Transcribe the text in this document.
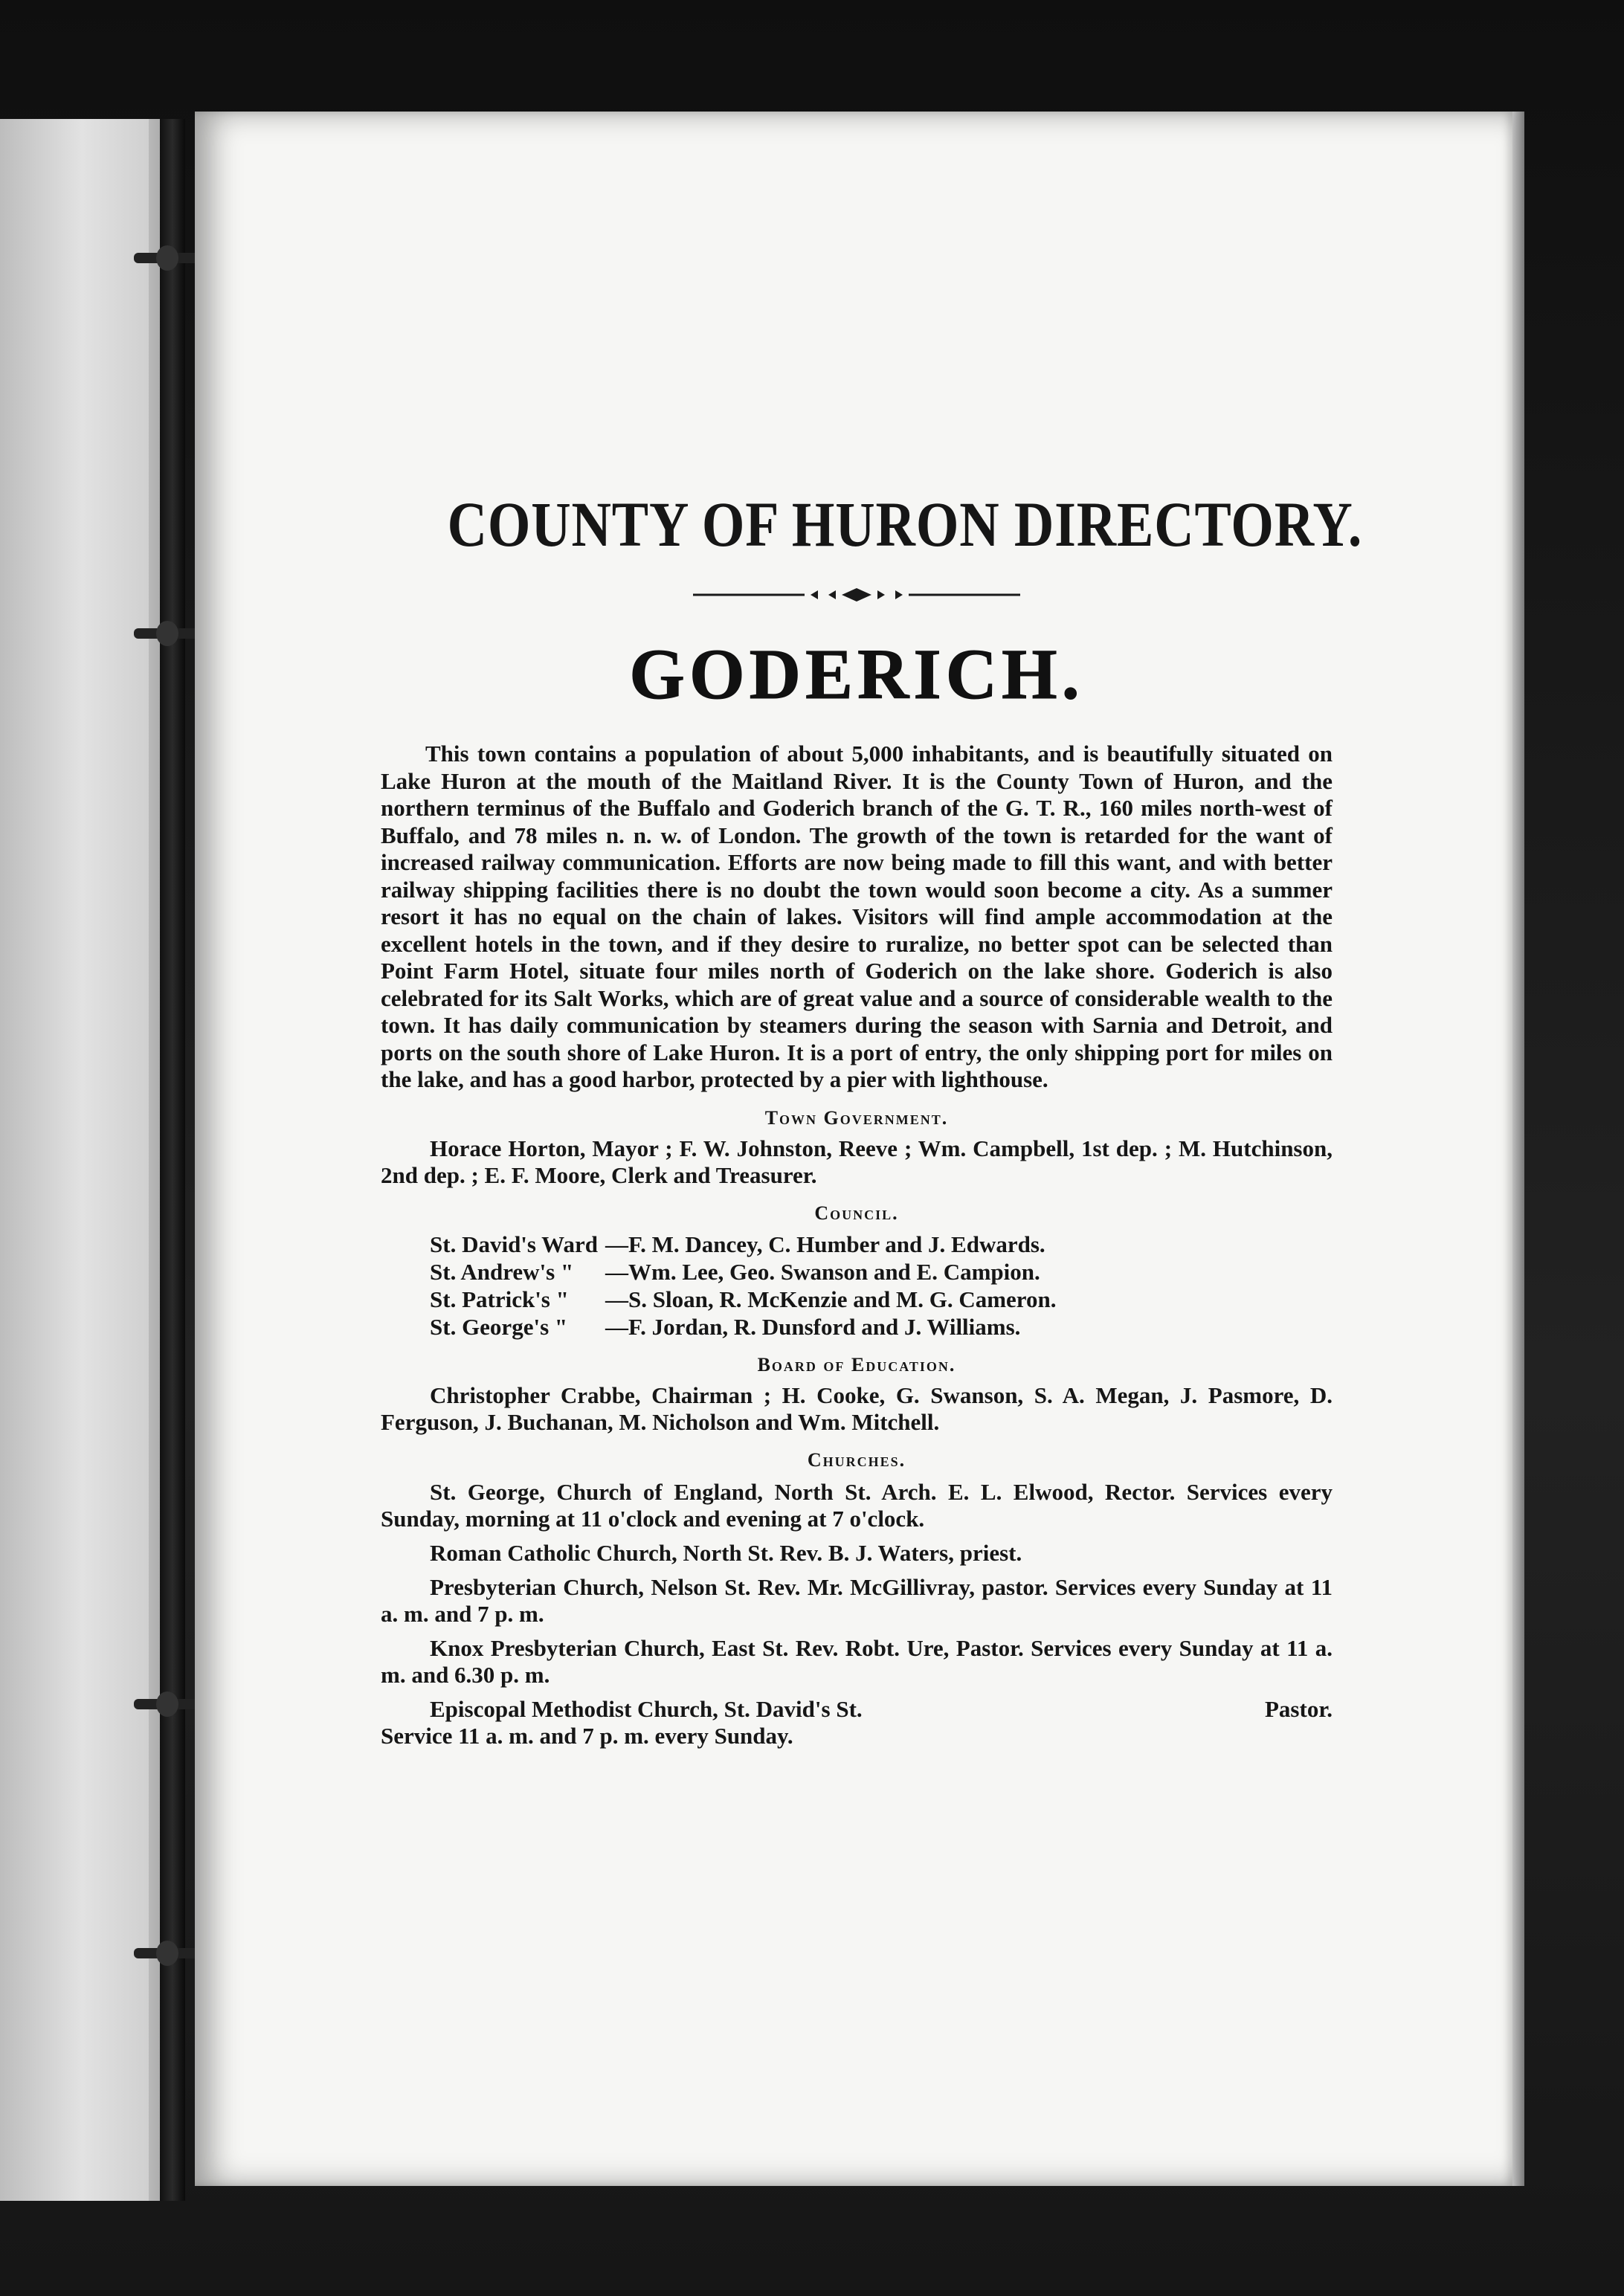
COUNTY OF HURON DIRECTORY.
GODERICH.

This town contains a population of about 5,000 inhabitants, and is beautifully situated on Lake Huron at the mouth of the Maitland River. It is the County Town of Huron, and the northern terminus of the Buffalo and Goderich branch of the G. T. R., 160 miles north-west of Buffalo, and 78 miles n. n. w. of London. The growth of the town is retarded for the want of increased railway communication. Efforts are now being made to fill this want, and with better railway shipping facilities there is no doubt the town would soon become a city. As a summer resort it has no equal on the chain of lakes. Visitors will find ample accommodation at the excellent hotels in the town, and if they desire to ruralize, no better spot can be selected than Point Farm Hotel, situate four miles north of Goderich on the lake shore. Goderich is also celebrated for its Salt Works, which are of great value and a source of considerable wealth to the town. It has daily communication by steamers during the season with Sarnia and Detroit, and ports on the south shore of Lake Huron. It is a port of entry, the only shipping port for miles on the lake, and has a good harbor, protected by a pier with lighthouse.

Town Government.

Horace Horton, Mayor ; F. W. Johnston, Reeve ; Wm. Campbell, 1st dep. ; M. Hutchinson, 2nd dep. ; E. F. Moore, Clerk and Treasurer.

Council.
St. David's Ward —F. M. Dancey, C. Humber and J. Edwards.
St. Andrew's "	—Wm. Lee, Geo. Swanson and E. Campion.
St. Patrick's "	—S. Sloan, R. McKenzie and M. G. Cameron.
St. George's "	—F. Jordan, R. Dunsford and J. Williams.
Board of Education.

Christopher Crabbe, Chairman ; H. Cooke, G. Swanson, S. A. Megan, J. Pasmore, D. Ferguson, J. Buchanan, M. Nicholson and Wm. Mitchell.

Churches.

St. George, Church of England, North St. Arch. E. L. Elwood, Rector. Services every Sunday, morning at 11 o'clock and evening at 7 o'clock.

Roman Catholic Church, North St. Rev. B. J. Waters, priest.

Presbyterian Church, Nelson St. Rev. Mr. McGillivray, pastor. Services every Sunday at 11 a. m. and 7 p. m.

Knox Presbyterian Church, East St. Rev. Robt. Ure, Pastor. Services every Sunday at 11 a. m. and 6.30 p. m.

Episcopal Methodist Church, St. David's St.	Pastor.

Service 11 a. m. and 7 p. m. every Sunday.
